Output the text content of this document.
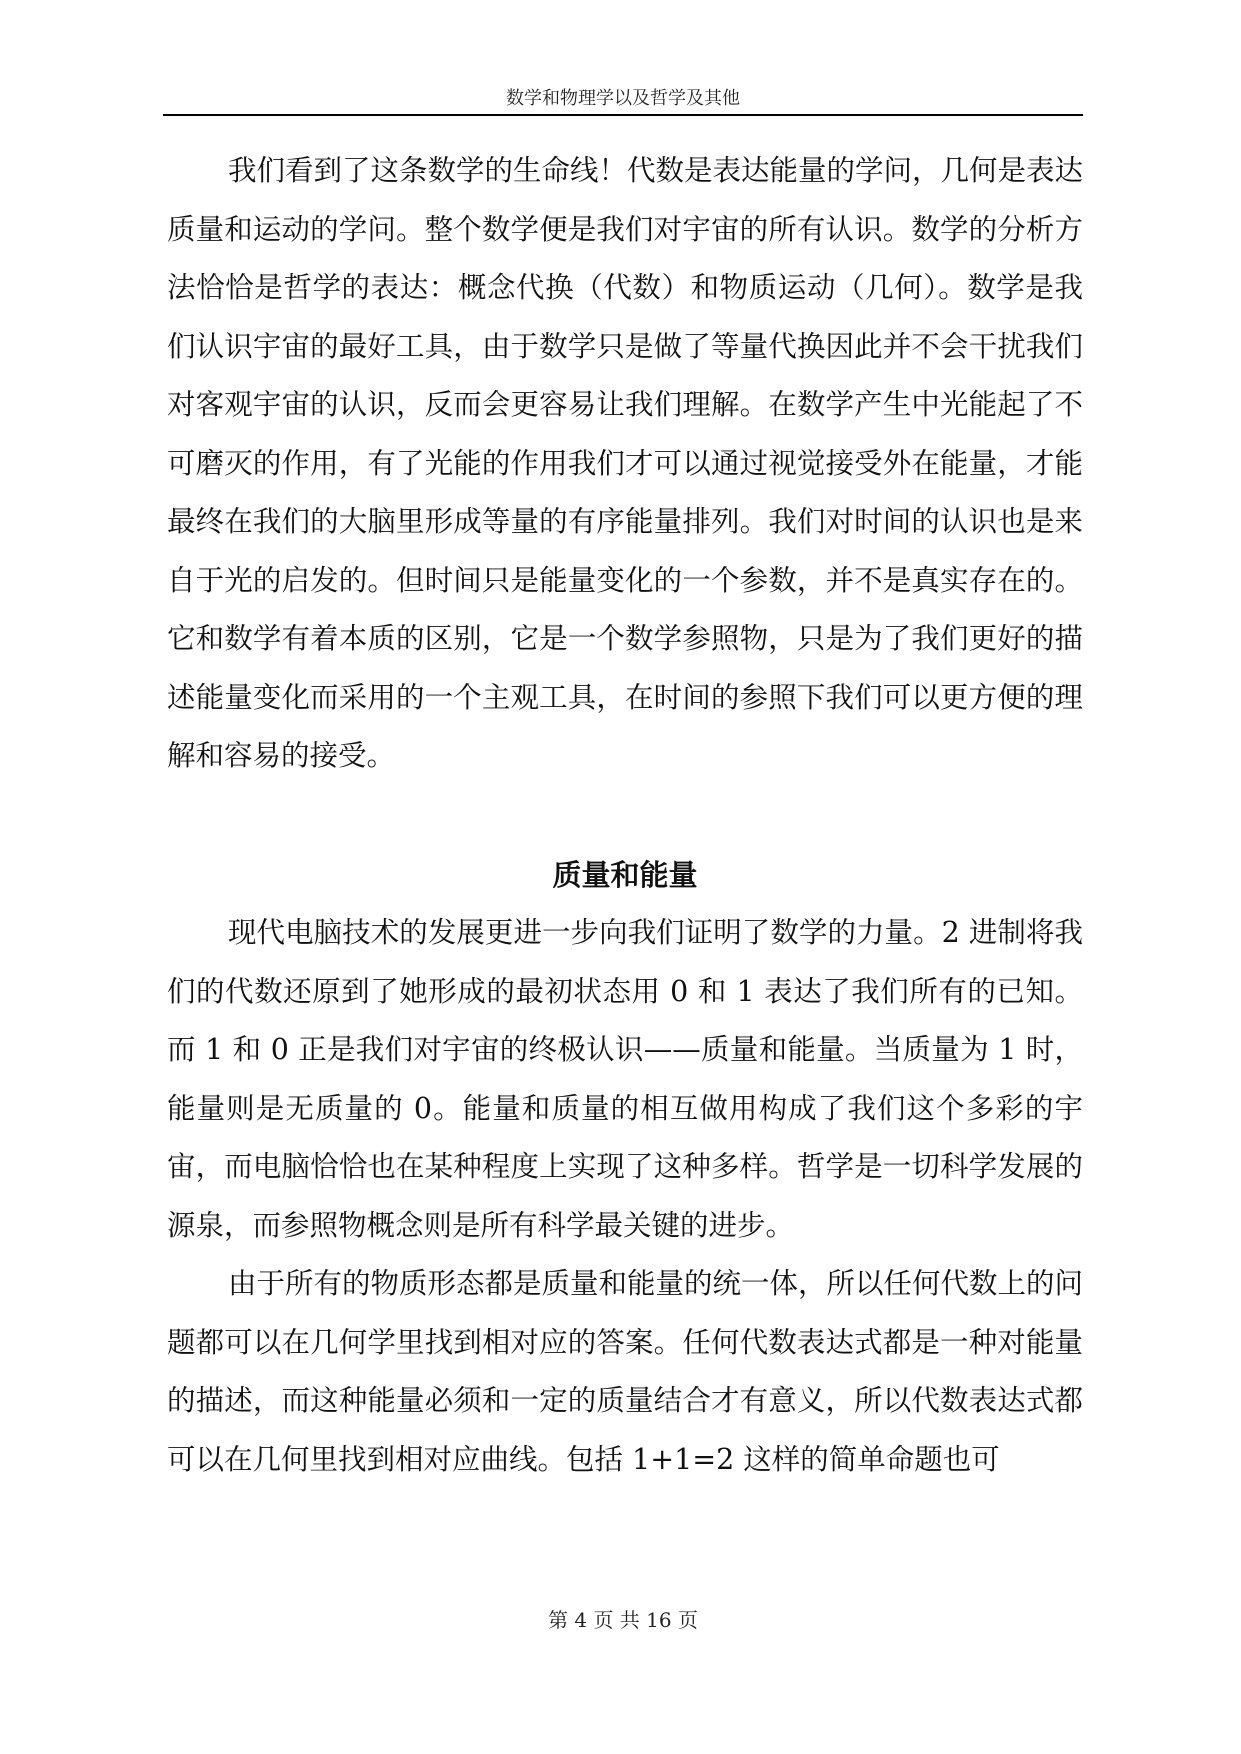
数学和物理学以及哲学及其他

我们看到了这条数学的生命线！代数是表达能量的学问，几何是表达质量和运动的学问。整个数学便是我们对宇宙的所有认识。数学的分析方法恰恰是哲学的表达：概念代换（代数）和物质运动（几何）。数学是我们认识宇宙的最好工具，由于数学只是做了等量代换因此并不会干扰我们对客观宇宙的认识，反而会更容易让我们理解。在数学产生中光能起了不可磨灭的作用，有了光能的作用我们才可以通过视觉接受外在能量，才能最终在我们的大脑里形成等量的有序能量排列。我们对时间的认识也是来自于光的启发的。但时间只是能量变化的一个参数，并不是真实存在的。它和数学有着本质的区别，它是一个数学参照物，只是为了我们更好的描述能量变化而采用的一个主观工具，在时间的参照下我们可以更方便的理解和容易的接受。

质量和能量

现代电脑技术的发展更进一步向我们证明了数学的力量。2 进制将我们的代数还原到了她形成的最初状态用 0 和 1 表达了我们所有的已知。而 1 和 0 正是我们对宇宙的终极认识——质量和能量。当质量为 1 时，能量则是无质量的 0。能量和质量的相互做用构成了我们这个多彩的宇宙，而电脑恰恰也在某种程度上实现了这种多样。哲学是一切科学发展的源泉，而参照物概念则是所有科学最关键的进步。

由于所有的物质形态都是质量和能量的统一体，所以任何代数上的问题都可以在几何学里找到相对应的答案。任何代数表达式都是一种对能量的描述，而这种能量必须和一定的质量结合才有意义，所以代数表达式都可以在几何里找到相对应曲线。包括 1+1=2 这样的简单命题也可

第 4 页 共 16 页
